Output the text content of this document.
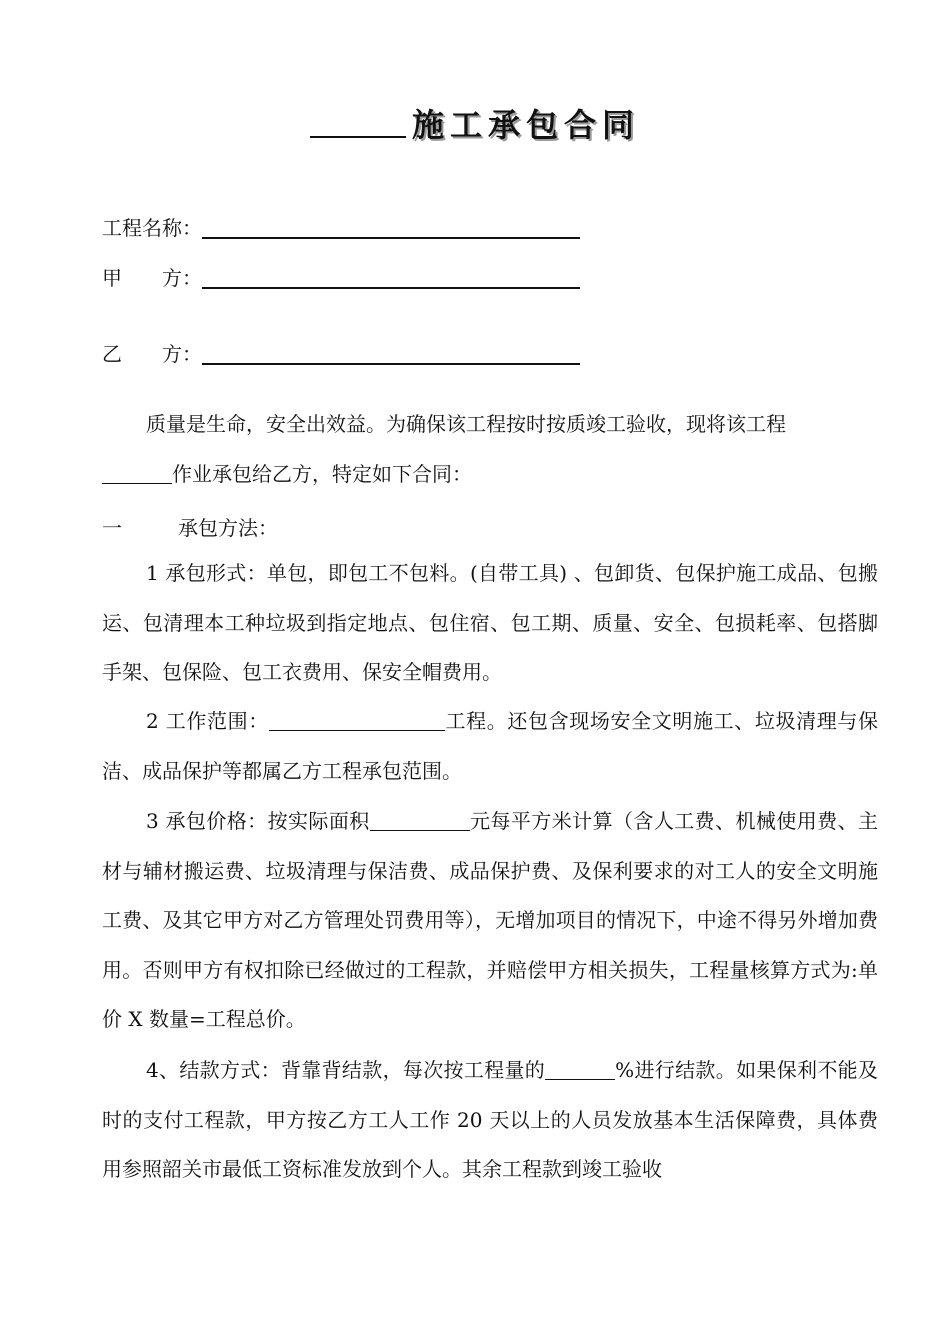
施工承包合同
工程名称：
甲　　方：
乙　　方：
质量是生命，安全出效益。为确保该工程按时按质竣工验收，现将该工程
作业承包给乙方，特定如下合同：
一	承包方法：
1 承包形式：单包，即包工不包料。(自带工具) 、包卸货、包保护施工成品、包搬运、包清理本工种垃圾到指定地点、包住宿、包工期、质量、安全、包损耗率、包搭脚手架、包保险、包工衣费用、保安全帽费用。
2 工作范围：	工程。还包含现场安全文明施工、垃圾清理与保洁、成品保护等都属乙方工程承包范围。
3 承包价格：按实际面积	元每平方米计算（含人工费、机械使用费、主材与辅材搬运费、垃圾清理与保洁费、成品保护费、及保利要求的对工人的安全文明施工费、及其它甲方对乙方管理处罚费用等），无增加项目的情况下，中途不得另外增加费用。否则甲方有权扣除已经做过的工程款，并赔偿甲方相关损失，工程量核算方式为:单价 X 数量=工程总价。
4、结款方式：背靠背结款，每次按工程量的	%进行结款。如果保利不能及时的支付工程款，甲方按乙方工人工作 20 天以上的人员发放基本生活保障费，具体费用参照韶关市最低工资标准发放到个人。其余工程款到竣工验收
